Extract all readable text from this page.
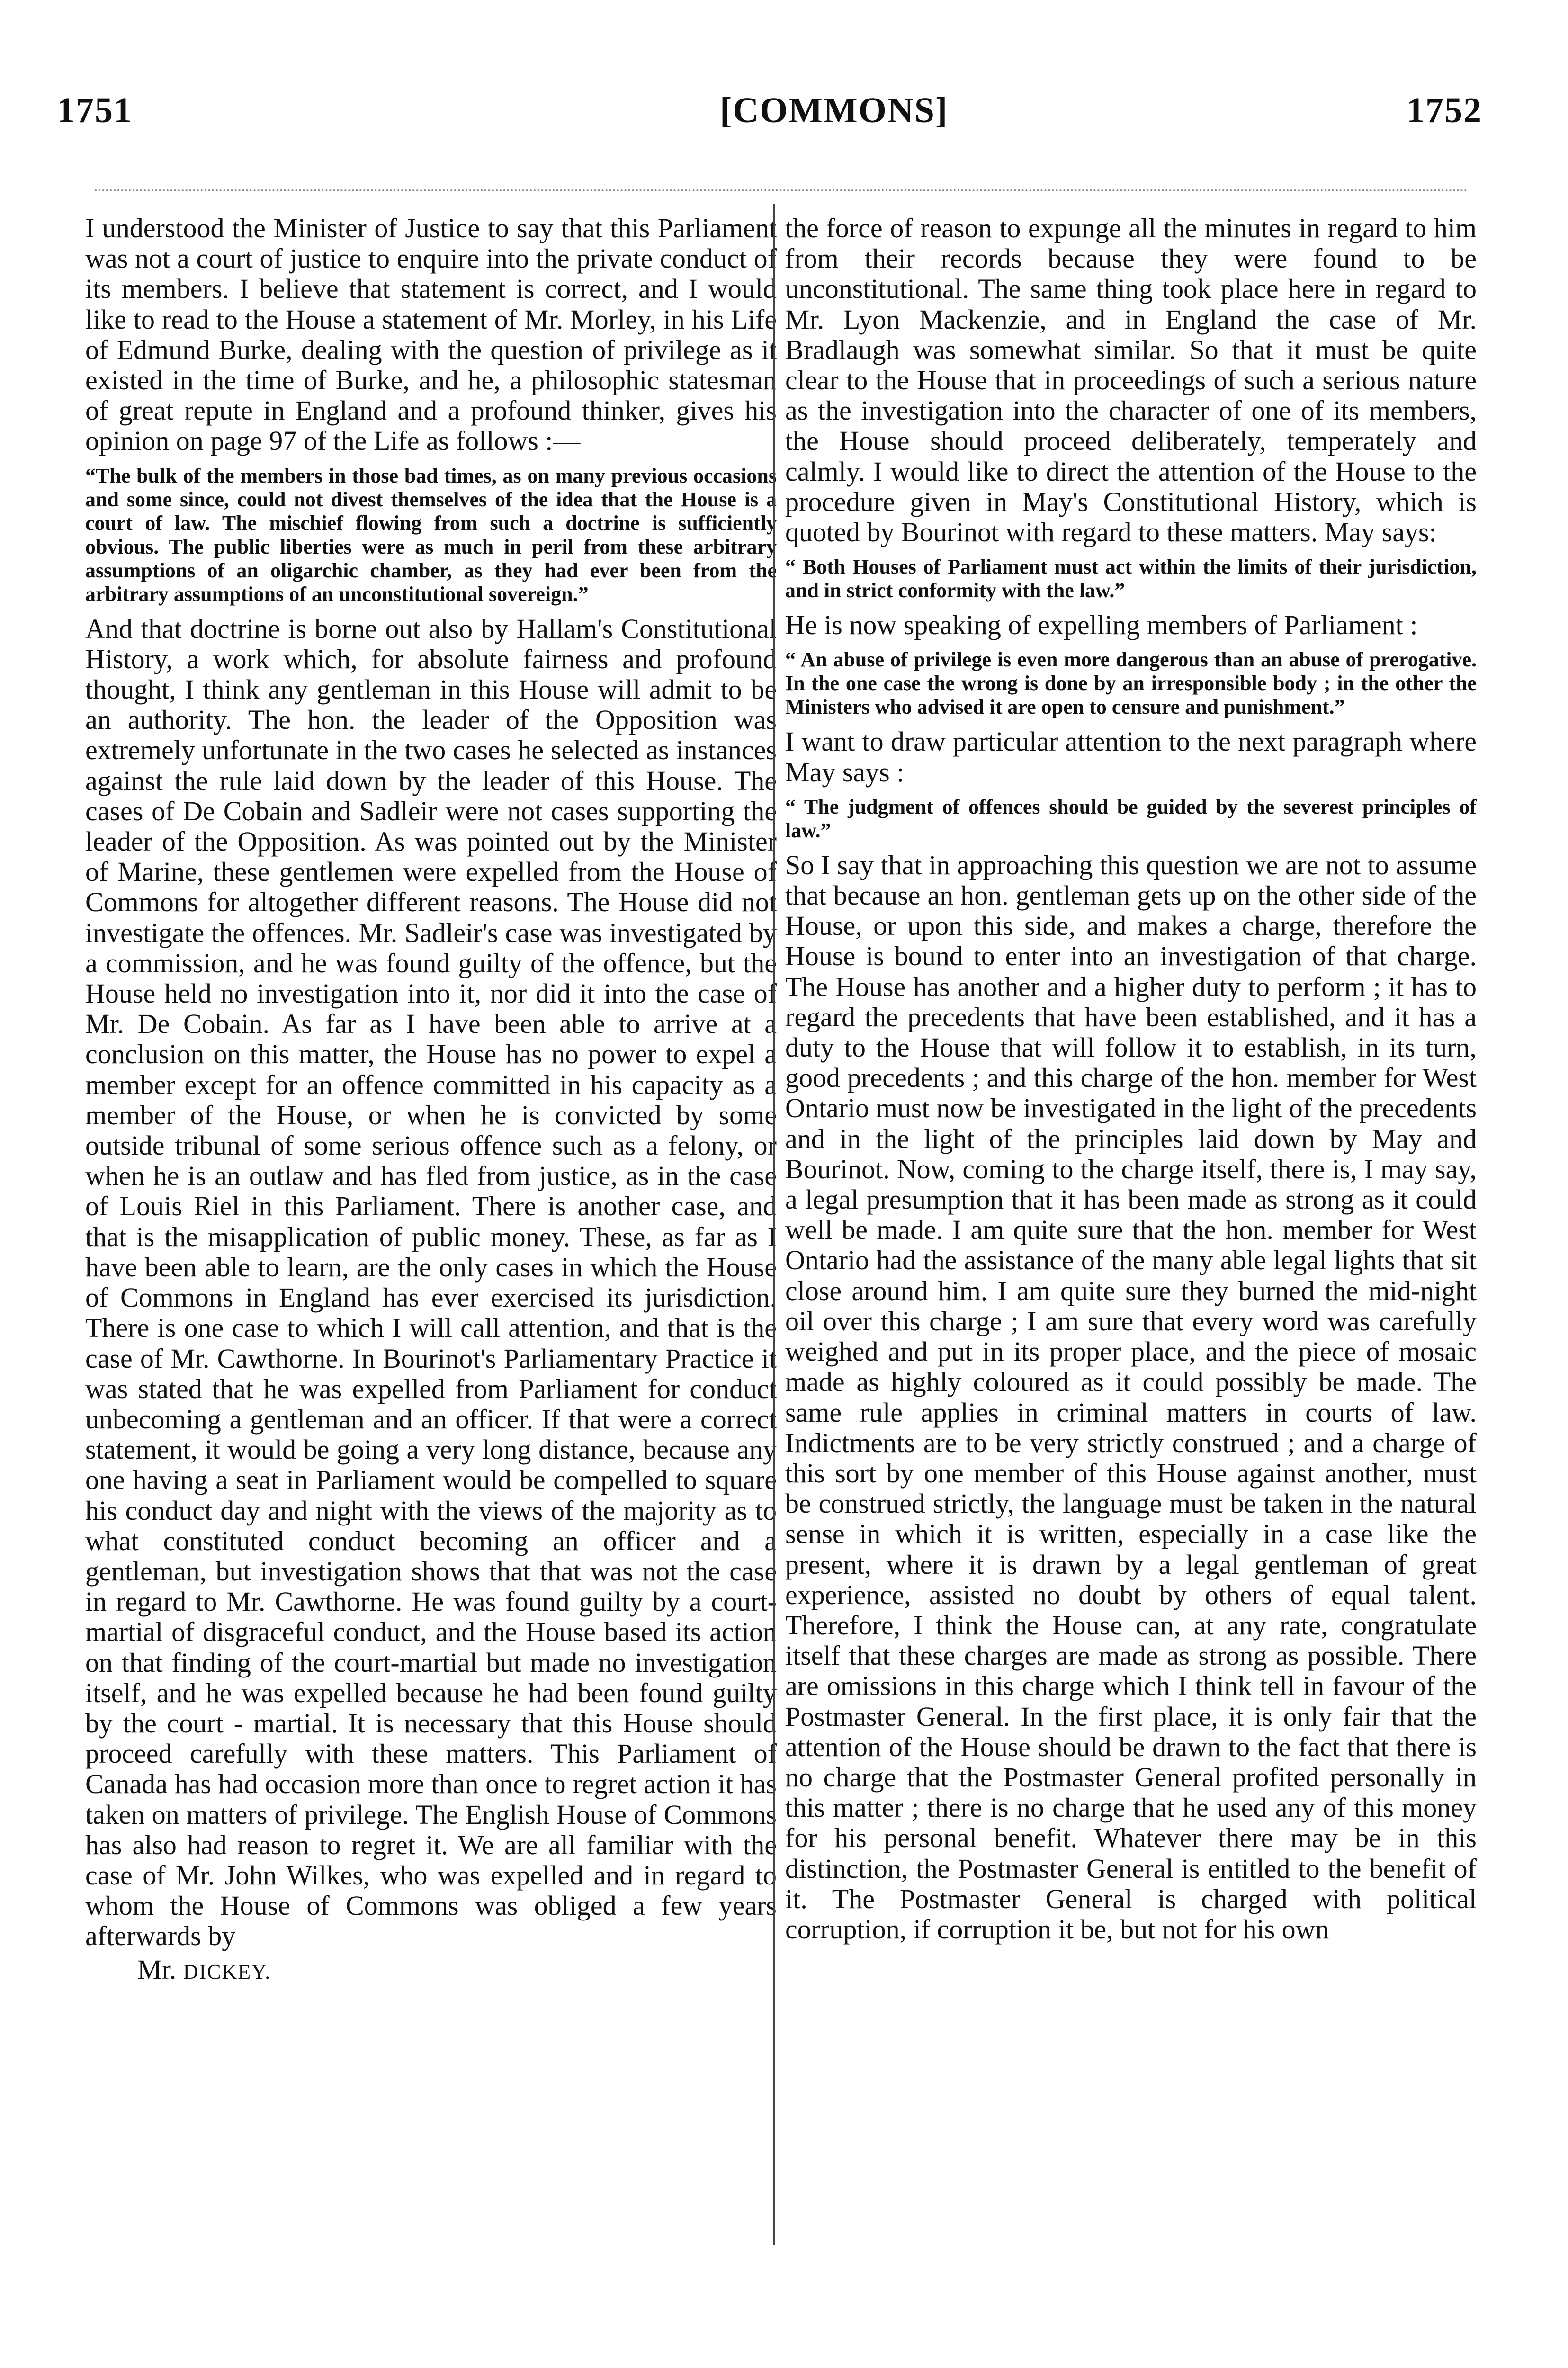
1751	[COMMONS]	1752

I understood the Minister of Justice to say that this Parliament was not a court of justice to enquire into the private conduct of its members. I believe that statement is correct, and I would like to read to the House a statement of Mr. Morley, in his Life of Edmund Burke, dealing with the question of privilege as it existed in the time of Burke, and he, a philosophic statesman of great repute in England and a profound thinker, gives his opinion on page 97 of the Life as follows :—

“The bulk of the members in those bad times, as on many previous occasions and some since, could not divest themselves of the idea that the House is a court of law. The mischief flowing from such a doctrine is sufficiently obvious. The public liberties were as much in peril from these arbitrary assumptions of an oligarchic chamber, as they had ever been from the arbitrary assumptions of an unconstitutional sovereign.”

And that doctrine is borne out also by Hallam's Constitutional History, a work which, for absolute fairness and profound thought, I think any gentleman in this House will admit to be an authority. The hon. the leader of the Opposition was extremely unfortunate in the two cases he selected as instances against the rule laid down by the leader of this House. The cases of De Cobain and Sadleir were not cases supporting the leader of the Opposition. As was pointed out by the Minister of Marine, these gentlemen were expelled from the House of Commons for altogether different reasons. The House did not investigate the offences. Mr. Sadleir's case was investigated by a commission, and he was found guilty of the offence, but the House held no investigation into it, nor did it into the case of Mr. De Cobain. As far as I have been able to arrive at a conclusion on this matter, the House has no power to expel a member except for an offence committed in his capacity as a member of the House, or when he is convicted by some outside tribunal of some serious offence such as a felony, or when he is an outlaw and has fled from justice, as in the case of Louis Riel in this Parliament. There is another case, and that is the misapplication of public money. These, as far as I have been able to learn, are the only cases in which the House of Commons in England has ever exercised its jurisdiction. There is one case to which I will call attention, and that is the case of Mr. Cawthorne. In Bourinot's Parliamentary Practice it was stated that he was expelled from Parliament for conduct unbecoming a gentleman and an officer. If that were a correct statement, it would be going a very long distance, because any one having a seat in Parliament would be compelled to square his conduct day and night with the views of the majority as to what constituted conduct becoming an officer and a gentleman, but investigation shows that that was not the case in regard to Mr. Cawthorne. He was found guilty by a court-martial of disgraceful conduct, and the House based its action on that finding of the court-martial but made no investigation itself, and he was expelled because he had been found guilty by the court - martial. It is necessary that this House should proceed carefully with these matters. This Parliament of Canada has had occasion more than once to regret action it has taken on matters of privilege. The English House of Commons has also had reason to regret it. We are all familiar with the case of Mr. John Wilkes, who was expelled and in regard to whom the House of Commons was obliged a few years afterwards by

Mr. DICKEY.

the force of reason to expunge all the minutes in regard to him from their records because they were found to be unconstitutional. The same thing took place here in regard to Mr. Lyon Mackenzie, and in England the case of Mr. Bradlaugh was somewhat similar. So that it must be quite clear to the House that in proceedings of such a serious nature as the investigation into the character of one of its members, the House should proceed deliberately, temperately and calmly. I would like to direct the attention of the House to the procedure given in May's Constitutional History, which is quoted by Bourinot with regard to these matters. May says:

“ Both Houses of Parliament must act within the limits of their jurisdiction, and in strict conformity with the law.”

He is now speaking of expelling members of Parliament :

“ An abuse of privilege is even more dangerous than an abuse of prerogative. In the one case the wrong is done by an irresponsible body ; in the other the Ministers who advised it are open to censure and punishment.”

I want to draw particular attention to the next paragraph where May says :

“ The judgment of offences should be guided by the severest principles of law.”

So I say that in approaching this question we are not to assume that because an hon. gentleman gets up on the other side of the House, or upon this side, and makes a charge, therefore the House is bound to enter into an investigation of that charge. The House has another and a higher duty to perform ; it has to regard the precedents that have been established, and it has a duty to the House that will follow it to establish, in its turn, good precedents ; and this charge of the hon. member for West Ontario must now be investigated in the light of the precedents and in the light of the principles laid down by May and Bourinot. Now, coming to the charge itself, there is, I may say, a legal presumption that it has been made as strong as it could well be made. I am quite sure that the hon. member for West Ontario had the assistance of the many able legal lights that sit close around him. I am quite sure they burned the mid-night oil over this charge ; I am sure that every word was carefully weighed and put in its proper place, and the piece of mosaic made as highly coloured as it could possibly be made. The same rule applies in criminal matters in courts of law. Indictments are to be very strictly construed ; and a charge of this sort by one member of this House against another, must be construed strictly, the language must be taken in the natural sense in which it is written, especially in a case like the present, where it is drawn by a legal gentleman of great experience, assisted no doubt by others of equal talent. Therefore, I think the House can, at any rate, congratulate itself that these charges are made as strong as possible. There are omissions in this charge which I think tell in favour of the Postmaster General. In the first place, it is only fair that the attention of the House should be drawn to the fact that there is no charge that the Postmaster General profited personally in this matter ; there is no charge that he used any of this money for his personal benefit. Whatever there may be in this distinction, the Postmaster General is entitled to the benefit of it. The Postmaster General is charged with political corruption, if corruption it be, but not for his own
